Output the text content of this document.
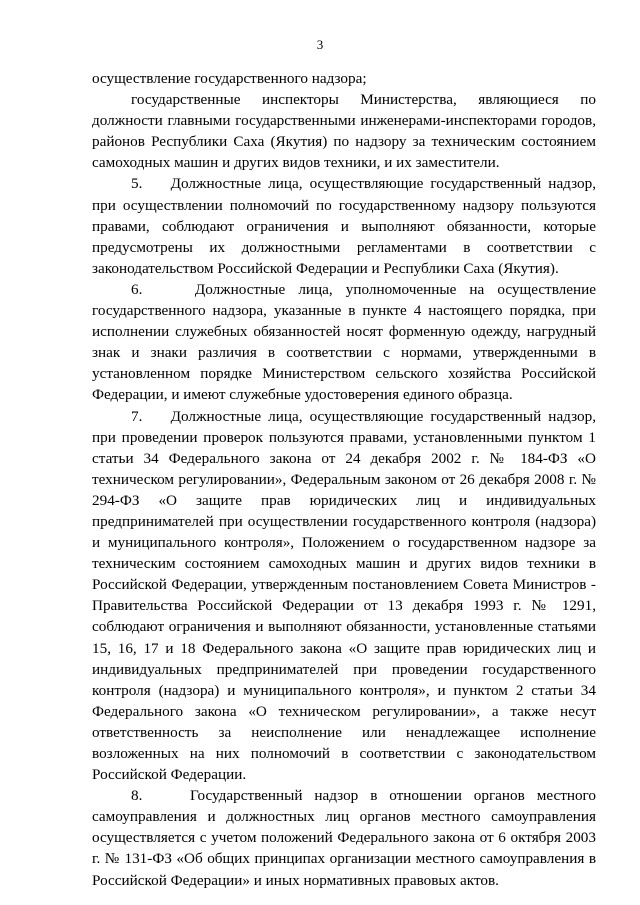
3

осуществление государственного надзора;

государственные инспекторы Министерства, являющиеся по должности главными государственными инженерами-инспекторами городов, районов Республики Саха (Якутия) по надзору за техническим состоянием самоходных машин и других видов техники, и их заместители.

5.    Должностные лица, осуществляющие государственный надзор, при осуществлении полномочий по государственному надзору пользуются правами, соблюдают ограничения и выполняют обязанности, которые предусмотрены их должностными регламентами в соответствии с законодательством Российской Федерации и Республики Саха (Якутия).

6.    Должностные лица, уполномоченные на осуществление государственного надзора, указанные в пункте 4 настоящего порядка, при исполнении служебных обязанностей носят форменную одежду, нагрудный знак и знаки различия в соответствии с нормами, утвержденными в установленном порядке Министерством сельского хозяйства Российской Федерации, и имеют служебные удостоверения единого образца.

7.    Должностные лица, осуществляющие государственный надзор, при проведении проверок пользуются правами, установленными пунктом 1 статьи 34 Федерального закона от 24 декабря 2002 г. № 184-ФЗ «О техническом регулировании», Федеральным законом от 26 декабря 2008 г. № 294-ФЗ «О защите прав юридических лиц и индивидуальных предпринимателей при осуществлении государственного контроля (надзора) и муниципального контроля», Положением о государственном надзоре за техническим состоянием самоходных машин и других видов техники в Российской Федерации, утвержденным постановлением Совета Министров - Правительства Российской Федерации от 13 декабря 1993 г. № 1291, соблюдают ограничения и выполняют обязанности, установленные статьями 15, 16, 17 и 18 Федерального закона «О защите прав юридических лиц и индивидуальных предпринимателей при проведении государственного контроля (надзора) и муниципального контроля», и пунктом 2 статьи 34 Федерального закона «О техническом регулировании», а также несут ответственность за неисполнение или ненадлежащее исполнение возложенных на них полномочий в соответствии с законодательством Российской Федерации.

8.    Государственный надзор в отношении органов местного самоуправления и должностных лиц органов местного самоуправления осуществляется с учетом положений Федерального закона от 6 октября 2003 г. № 131-ФЗ «Об общих принципах организации местного самоуправления в Российской Федерации» и иных нормативных правовых актов.
